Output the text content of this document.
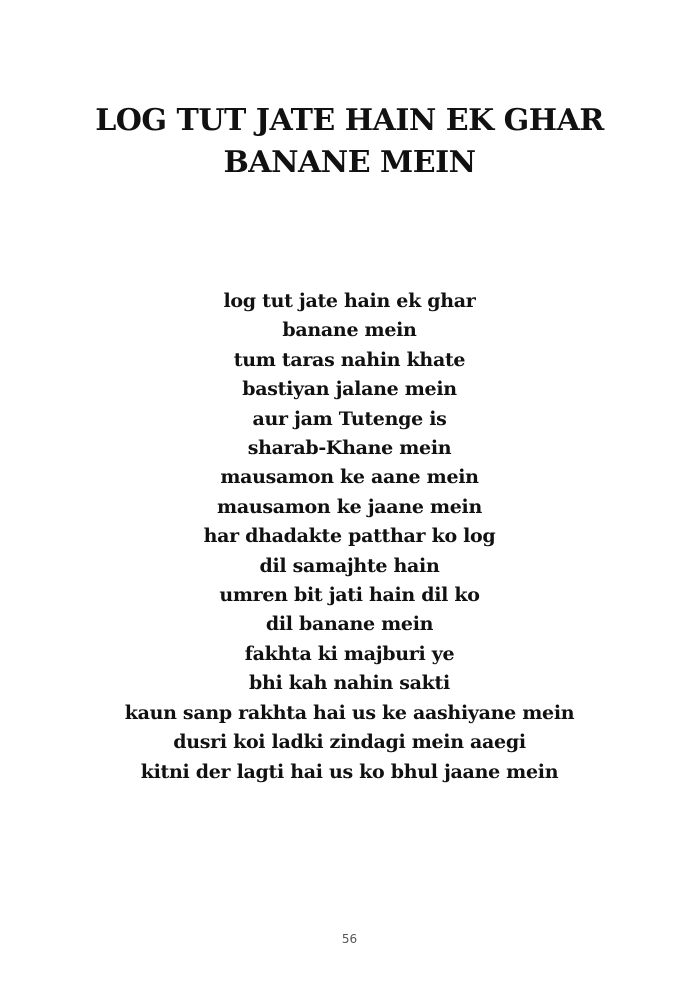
LOG TUT JATE HAIN EK GHAR
BANANE MEIN
log tut jate hain ek ghar
banane mein
tum taras nahin khate
bastiyan jalane mein
aur jam Tutenge is
sharab-Khane mein
mausamon ke aane mein
mausamon ke jaane mein
har dhadakte patthar ko log
dil samajhte hain
umren bit jati hain dil ko
dil banane mein
fakhta ki majburi ye
bhi kah nahin sakti
kaun sanp rakhta hai us ke aashiyane mein
dusri koi ladki zindagi mein aaegi
kitni der lagti hai us ko bhul jaane mein
56
